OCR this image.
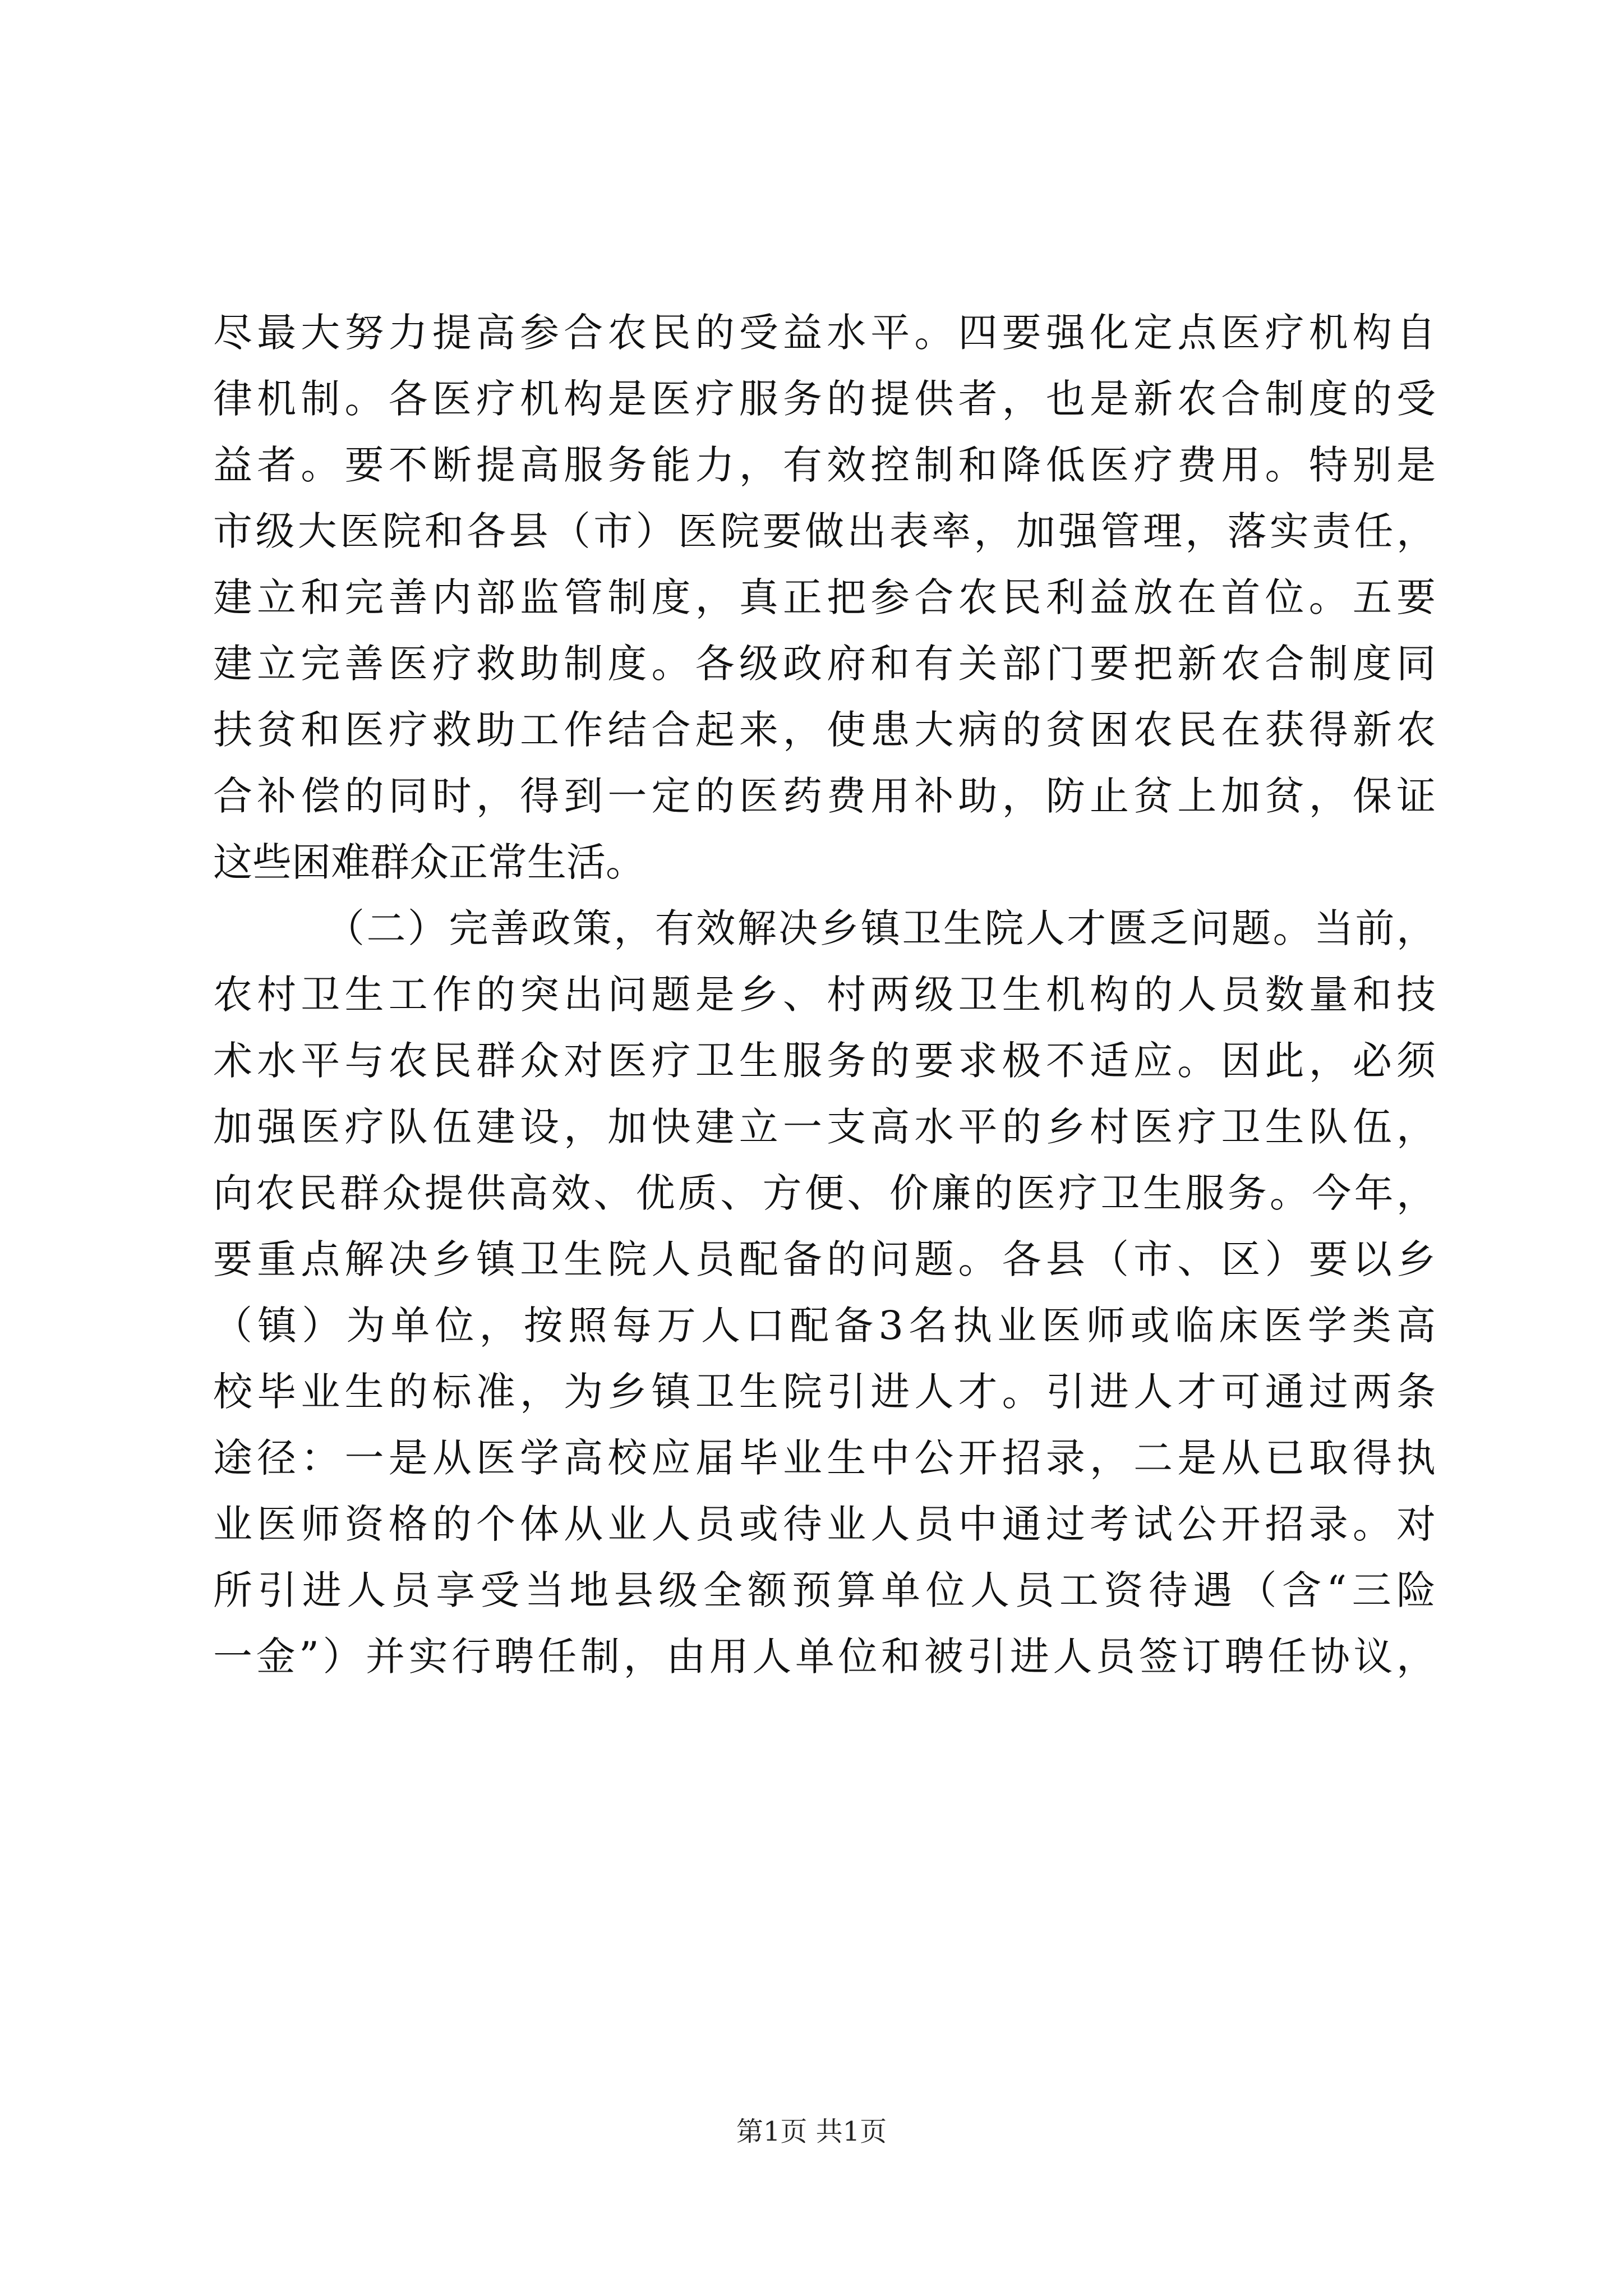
尽最大努力提高参合农民的受益水平。四要强化定点医疗机构自
律机制。各医疗机构是医疗服务的提供者，也是新农合制度的受
益者。要不断提高服务能力，有效控制和降低医疗费用。特别是
市级大医院和各县（市）医院要做出表率，加强管理，落实责任，
建立和完善内部监管制度，真正把参合农民利益放在首位。五要
建立完善医疗救助制度。各级政府和有关部门要把新农合制度同
扶贫和医疗救助工作结合起来，使患大病的贫困农民在获得新农
合补偿的同时，得到一定的医药费用补助，防止贫上加贫，保证
这些困难群众正常生活。
（二）完善政策，有效解决乡镇卫生院人才匮乏问题。当前，
农村卫生工作的突出问题是乡、村两级卫生机构的人员数量和技
术水平与农民群众对医疗卫生服务的要求极不适应。因此，必须
加强医疗队伍建设，加快建立一支高水平的乡村医疗卫生队伍，
向农民群众提供高效、优质、方便、价廉的医疗卫生服务。今年，
要重点解决乡镇卫生院人员配备的问题。各县（市、区）要以乡
（镇）为单位，按照每万人口配备3名执业医师或临床医学类高
校毕业生的标准，为乡镇卫生院引进人才。引进人才可通过两条
途径：一是从医学高校应届毕业生中公开招录，二是从已取得执
业医师资格的个体从业人员或待业人员中通过考试公开招录。对
所引进人员享受当地县级全额预算单位人员工资待遇（含“三险
一金”）并实行聘任制，由用人单位和被引进人员签订聘任协议，
第1页 共1页
